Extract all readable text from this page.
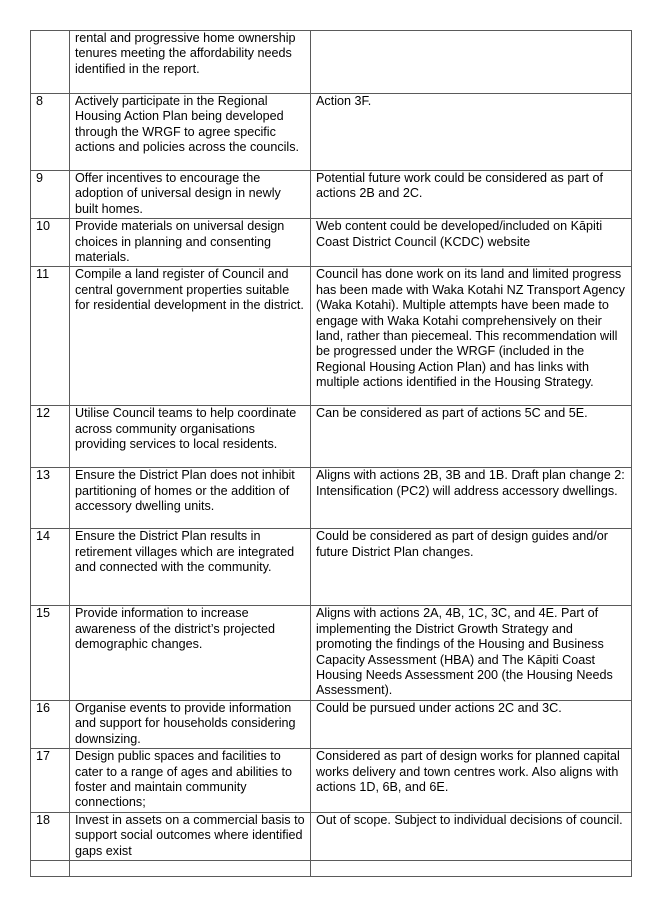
	rental and progressive home ownership tenures meeting the affordability needs identified in the report.	
8	Actively participate in the Regional Housing Action Plan being developed through the WRGF to agree specific actions and policies across the councils.	Action 3F.
9	Offer incentives to encourage the adoption of universal design in newly built homes.	Potential future work could be considered as part of actions 2B and 2C.
10	Provide materials on universal design choices in planning and consenting materials.	Web content could be developed/included on Kāpiti Coast District Council (KCDC) website
11	Compile a land register of Council and central government properties suitable for residential development in the district.	Council has done work on its land and limited progress has been made with Waka Kotahi NZ Transport Agency (Waka Kotahi). Multiple attempts have been made to engage with Waka Kotahi comprehensively on their land, rather than piecemeal. This recommendation will be progressed under the WRGF (included in the Regional Housing Action Plan) and has links with multiple actions identified in the Housing Strategy.
12	Utilise Council teams to help coordinate across community organisations providing services to local residents.	Can be considered as part of actions 5C and 5E.
13	Ensure the District Plan does not inhibit partitioning of homes or the addition of accessory dwelling units.	Aligns with actions 2B, 3B and 1B. Draft plan change 2: Intensification (PC2) will address accessory dwellings.
14	Ensure the District Plan results in retirement villages which are integrated and connected with the community.	Could be considered as part of design guides and/or future District Plan changes.
15	Provide information to increase awareness of the district’s projected demographic changes.	Aligns with actions 2A, 4B, 1C, 3C, and 4E. Part of implementing the District Growth Strategy and promoting the findings of the Housing and Business Capacity Assessment (HBA) and The Kāpiti Coast Housing Needs Assessment 200 (the Housing Needs Assessment).
16	Organise events to provide information and support for households considering downsizing.	Could be pursued under actions 2C and 3C.
17	Design public spaces and facilities to cater to a range of ages and abilities to foster and maintain community connections;	Considered as part of design works for planned capital works delivery and town centres work. Also aligns with actions 1D, 6B, and 6E.
18	Invest in assets on a commercial basis to support social outcomes where identified gaps exist	Out of scope. Subject to individual decisions of council.
